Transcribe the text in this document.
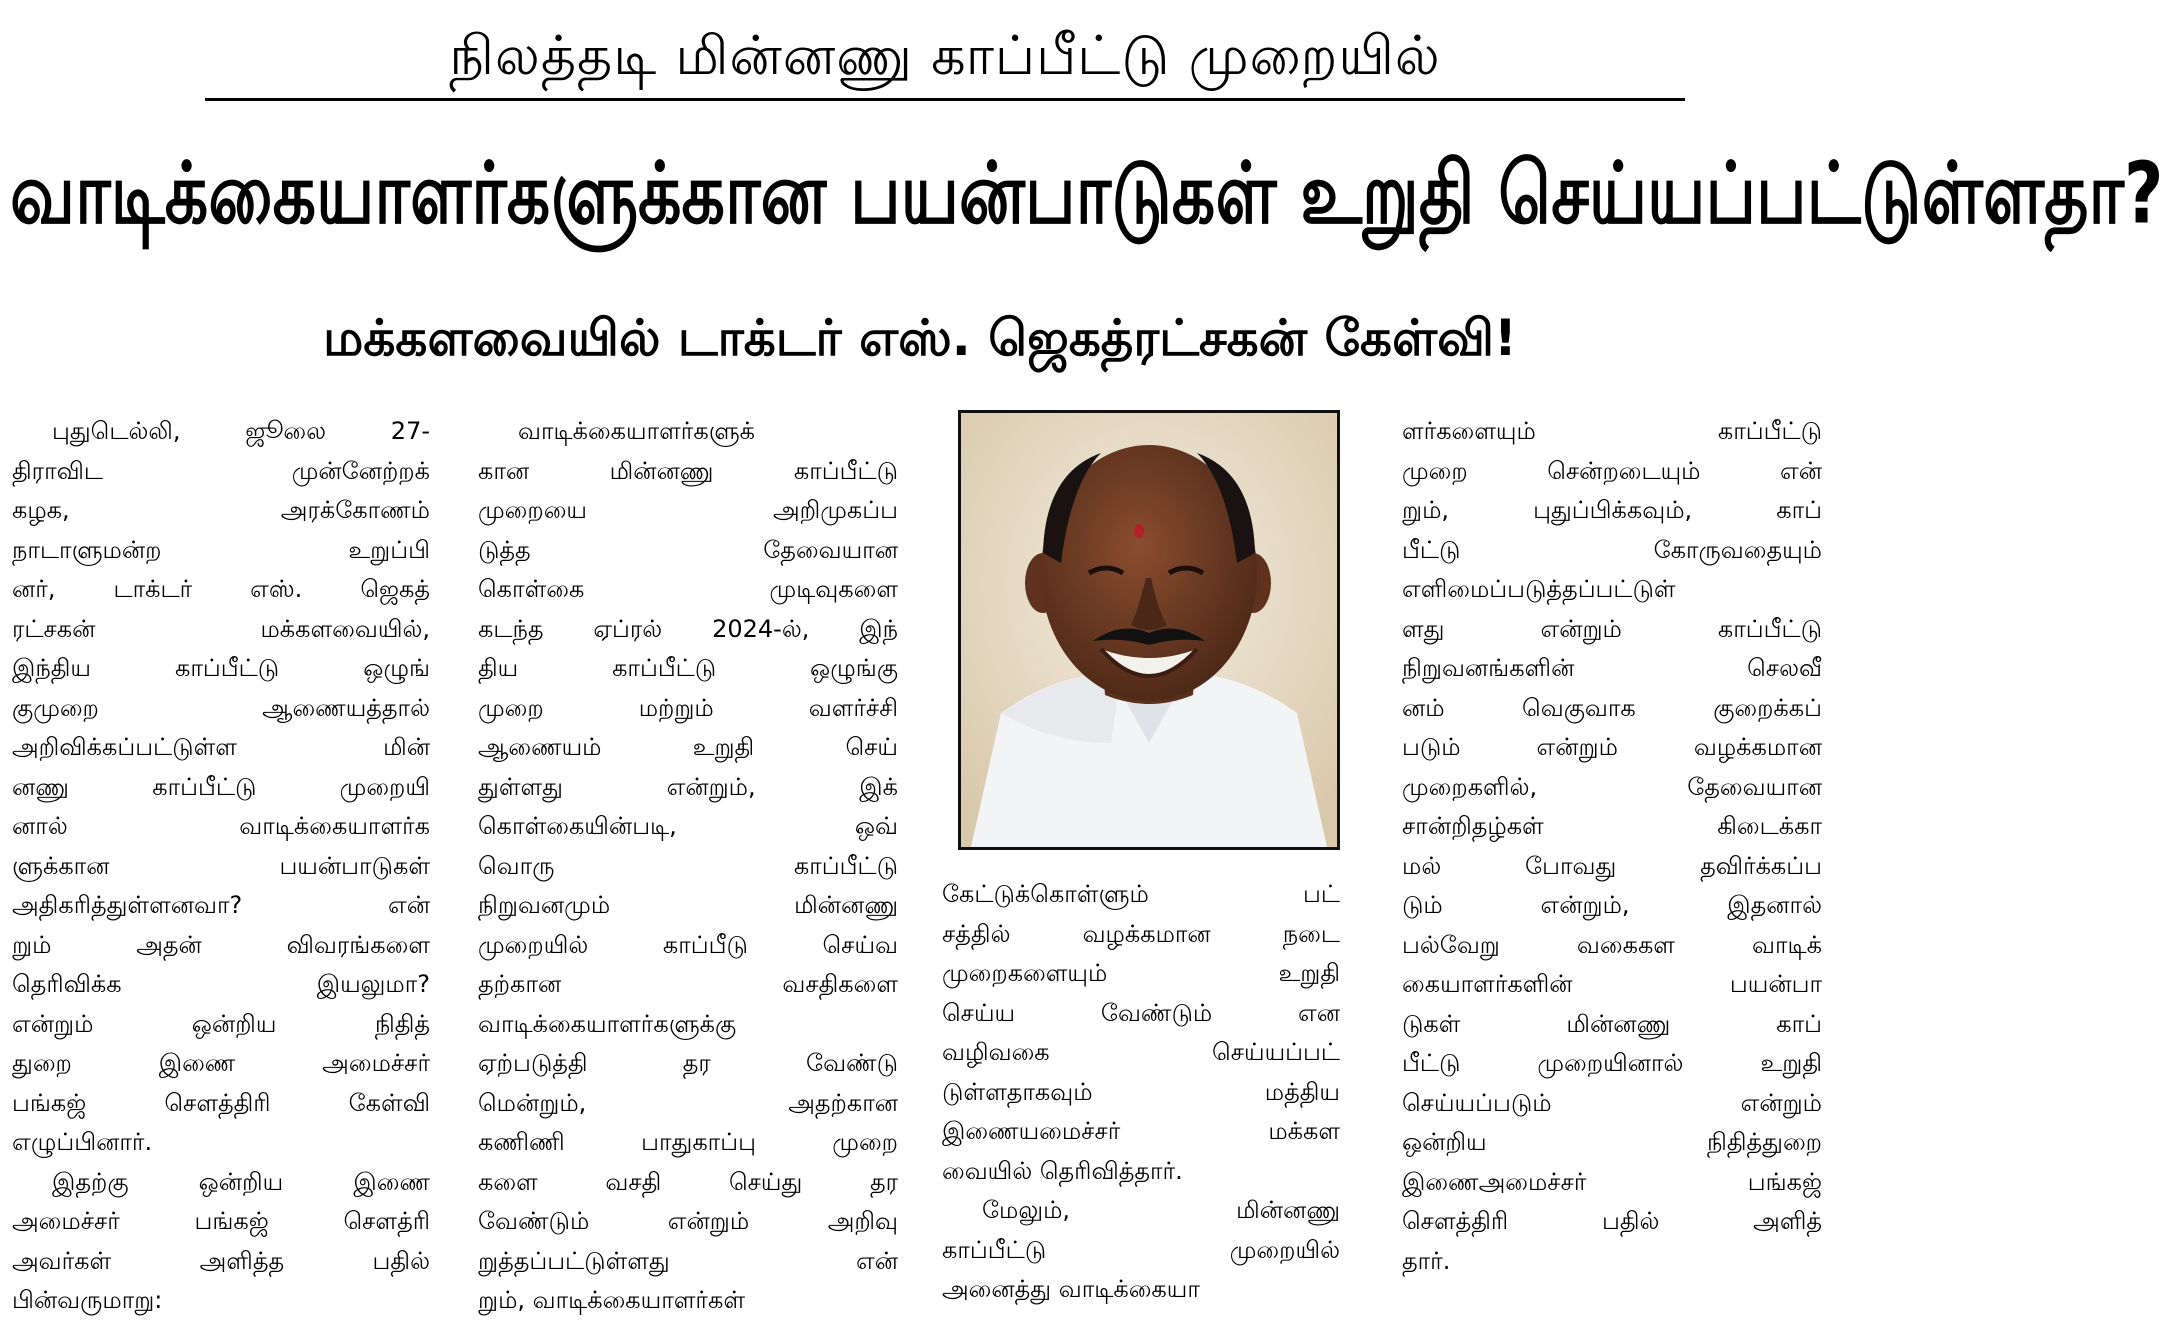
நிலத்தடி மின்னணு காப்பீட்டு முறையில்
வாடிக்கையாளர்களுக்கான பயன்பாடுகள் உறுதி செய்யப்பட்டுள்ளதா?
மக்களவையில் டாக்டர் எஸ். ஜெகத்ரட்சகன் கேள்வி!
புதுடெல்லி, ஜூலை 27-
திராவிட முன்னேற்றக்
கழக, அரக்கோணம்
நாடாளுமன்ற உறுப்பி
னர், டாக்டர் எஸ். ஜெகத்
ரட்சகன் மக்களவையில்,
இந்திய காப்பீட்டு ஒழுங்
குமுறை ஆணையத்தால்
அறிவிக்கப்பட்டுள்ள மின்
னணு காப்பீட்டு முறையி
னால் வாடிக்கையாளர்க
ளுக்கான பயன்பாடுகள்
அதிகரித்துள்ளனவா? என்
றும் அதன் விவரங்களை
தெரிவிக்க இயலுமா?
என்றும் ஒன்றிய நிதித்
துறை இணை அமைச்சர்
பங்கஜ் சௌத்திரி கேள்வி
எழுப்பினார்.
இதற்கு ஒன்றிய இணை
அமைச்சர் பங்கஜ் சௌத்ரி
அவர்கள் அளித்த பதில்
பின்வருமாறு:
வாடிக்கையாளர்களுக்
கான மின்னணு காப்பீட்டு
முறையை அறிமுகப்ப
டுத்த தேவையான
கொள்கை முடிவுகளை
கடந்த ஏப்ரல் 2024-ல், இந்
திய காப்பீட்டு ஒழுங்கு
முறை மற்றும் வளர்ச்சி
ஆணையம் உறுதி செய்
துள்ளது என்றும், இக்
கொள்கையின்படி, ஒவ்
வொரு காப்பீட்டு
நிறுவனமும் மின்னணு
முறையில் காப்பீடு செய்வ
தற்கான வசதிகளை
வாடிக்கையாளர்களுக்கு
ஏற்படுத்தி தர வேண்டு
மென்றும், அதற்கான
கணிணி பாதுகாப்பு முறை
களை வசதி செய்து தர
வேண்டும் என்றும் அறிவு
றுத்தப்பட்டுள்ளது என்
றும், வாடிக்கையாளர்கள்
கேட்டுக்கொள்ளும் பட்
சத்தில் வழக்கமான நடை
முறைகளையும் உறுதி
செய்ய வேண்டும் என
வழிவகை செய்யப்பட்
டுள்ளதாகவும் மத்திய
இணையமைச்சர் மக்கள
வையில் தெரிவித்தார்.
மேலும், மின்னணு
காப்பீட்டு முறையில்
அனைத்து வாடிக்கையா
ளர்களையும் காப்பீட்டு
முறை சென்றடையும் என்
றும், புதுப்பிக்கவும், காப்
பீட்டு கோருவதையும்
எளிமைப்படுத்தப்பட்டுள்
ளது என்றும் காப்பீட்டு
நிறுவனங்களின் செலவீ
னம் வெகுவாக குறைக்கப்
படும் என்றும் வழக்கமான
முறைகளில், தேவையான
சான்றிதழ்கள் கிடைக்கா
மல் போவது தவிர்க்கப்ப
டும் என்றும், இதனால்
பல்வேறு வகைகள வாடிக்
கையாளர்களின் பயன்பா
டுகள் மின்னணு காப்
பீட்டு முறையினால் உறுதி
செய்யப்படும் என்றும்
ஒன்றிய நிதித்துறை
இணைஅமைச்சர் பங்கஜ்
சௌத்திரி பதில் அளித்
தார்.
